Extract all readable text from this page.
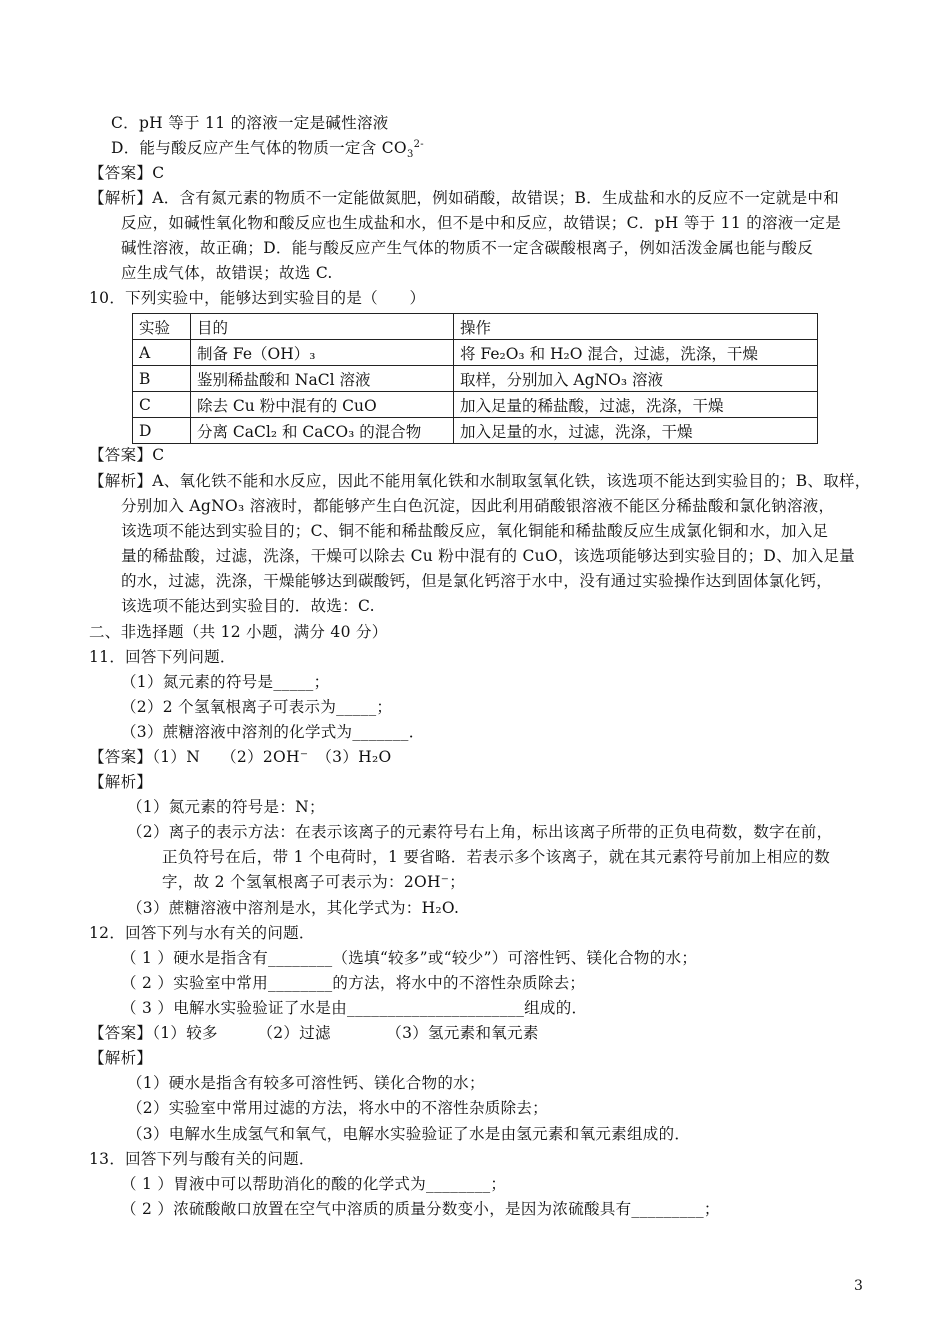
C．pH 等于 11 的溶液一定是碱性溶液
D．能与酸反应产生气体的物质一定含 $CO_3^{2-}$
【答案】C
【解析】A．含有氮元素的物质不一定能做氮肥，例如硝酸，故错误；B．生成盐和水的反应不一定就是中和
反应，如碱性氧化物和酸反应也生成盐和水，但不是中和反应，故错误；C．pH 等于 11 的溶液一定是
碱性溶液，故正确；D．能与酸反应产生气体的物质不一定含碳酸根离子，例如活泼金属也能与酸反
应生成气体，故错误；故选 C.
10．下列实验中，能够达到实验目的是（　　）
实验	目的	操作
A	制备 Fe（OH）₃	将 Fe₂O₃ 和 H₂O 混合，过滤，洗涤，干燥
B	鉴别稀盐酸和 NaCl 溶液	取样，分别加入 AgNO₃ 溶液
C	除去 Cu 粉中混有的 CuO	加入足量的稀盐酸，过滤，洗涤，干燥
D	分离 CaCl₂ 和 CaCO₃ 的混合物	加入足量的水，过滤，洗涤，干燥
【答案】C
【解析】A、氧化铁不能和水反应，因此不能用氧化铁和水制取氢氧化铁，该选项不能达到实验目的；B、取样，
分别加入 AgNO₃ 溶液时，都能够产生白色沉淀，因此利用硝酸银溶液不能区分稀盐酸和氯化钠溶液，
该选项不能达到实验目的；C、铜不能和稀盐酸反应，氧化铜能和稀盐酸反应生成氯化铜和水，加入足
量的稀盐酸，过滤，洗涤，干燥可以除去 Cu 粉中混有的 CuO，该选项能够达到实验目的；D、加入足量
的水，过滤，洗涤，干燥能够达到碳酸钙，但是氯化钙溶于水中，没有通过实验操作达到固体氯化钙，
该选项不能达到实验目的．故选：C.
二、非选择题（共 12 小题，满分 40 分）
11．回答下列问题．
（1）氮元素的符号是_____；
（2）2 个氢氧根离子可表示为_____；
（3）蔗糖溶液中溶剂的化学式为_______．
【答案】（1）N　 （2）2OH⁻　（3）H₂O
【解析】
（1）氮元素的符号是：N；
（2）离子的表示方法：在表示该离子的元素符号右上角，标出该离子所带的正负电荷数，数字在前，
正负符号在后，带 1 个电荷时，1 要省略．若表示多个该离子，就在其元素符号前加上相应的数
字，故 2 个氢氧根离子可表示为：2OH⁻；
（3）蔗糖溶液中溶剂是水，其化学式为：H₂O.
12．回答下列与水有关的问题．
（ 1 ）硬水是指含有________（选填“较多”或“较少”）可溶性钙、镁化合物的水；
（ 2 ）实验室中常用________的方法，将水中的不溶性杂质除去；
（ 3 ）电解水实验验证了水是由______________________组成的．
【答案】（1）较多　　　（2）过滤　　　　（3）氢元素和氧元素
【解析】
（1）硬水是指含有较多可溶性钙、镁化合物的水；
（2）实验室中常用过滤的方法，将水中的不溶性杂质除去；
（3）电解水生成氢气和氧气，电解水实验验证了水是由氢元素和氧元素组成的．
13．回答下列与酸有关的问题．
（ 1 ）胃液中可以帮助消化的酸的化学式为________；
（ 2 ）浓硫酸敞口放置在空气中溶质的质量分数变小，是因为浓硫酸具有_________；
3
